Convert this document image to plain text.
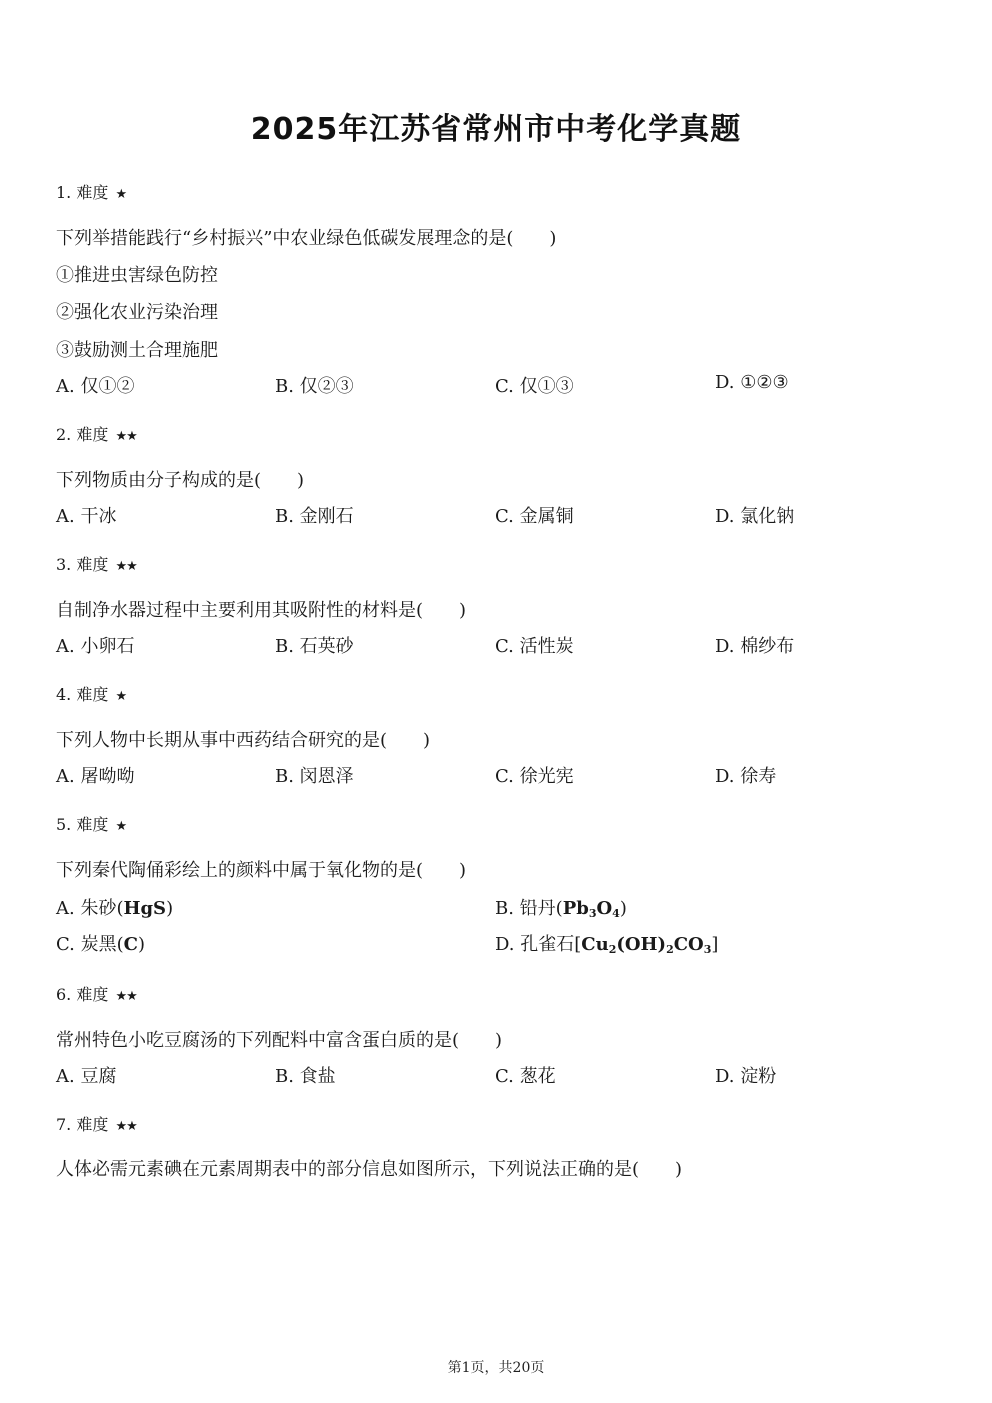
2025年江苏省常州市中考化学真题
1. 难度 ★
下列举措能践行“乡村振兴”中农业绿色低碳发展理念的是(　　)
①推进虫害绿色防控
②强化农业污染治理
③鼓励测土合理施肥
A. 仅①②	B. 仅②③	C. 仅①③	D. ①②③
2. 难度 ★★
下列物质由分子构成的是(　　)
A. 干冰	B. 金刚石	C. 金属铜	D. 氯化钠
3. 难度 ★★
自制净水器过程中主要利用其吸附性的材料是(　　)
A. 小卵石	B. 石英砂	C. 活性炭	D. 棉纱布
4. 难度 ★
下列人物中长期从事中西药结合研究的是(　　)
A. 屠呦呦	B. 闵恩泽	C. 徐光宪	D. 徐寿
5. 难度 ★
下列秦代陶俑彩绘上的颜料中属于氧化物的是(　　)
A. 朱砂(HgS)	B. 铅丹$(Pb_3O_4)$
C. 炭黑(C)	D. 孔雀石$[Cu_2(OH)_2CO_3]$
6. 难度 ★★
常州特色小吃豆腐汤的下列配料中富含蛋白质的是(　　)
A. 豆腐	B. 食盐	C. 葱花	D. 淀粉
7. 难度 ★★
人体必需元素碘在元素周期表中的部分信息如图所示，下列说法正确的是(　　)
第1页，共20页
